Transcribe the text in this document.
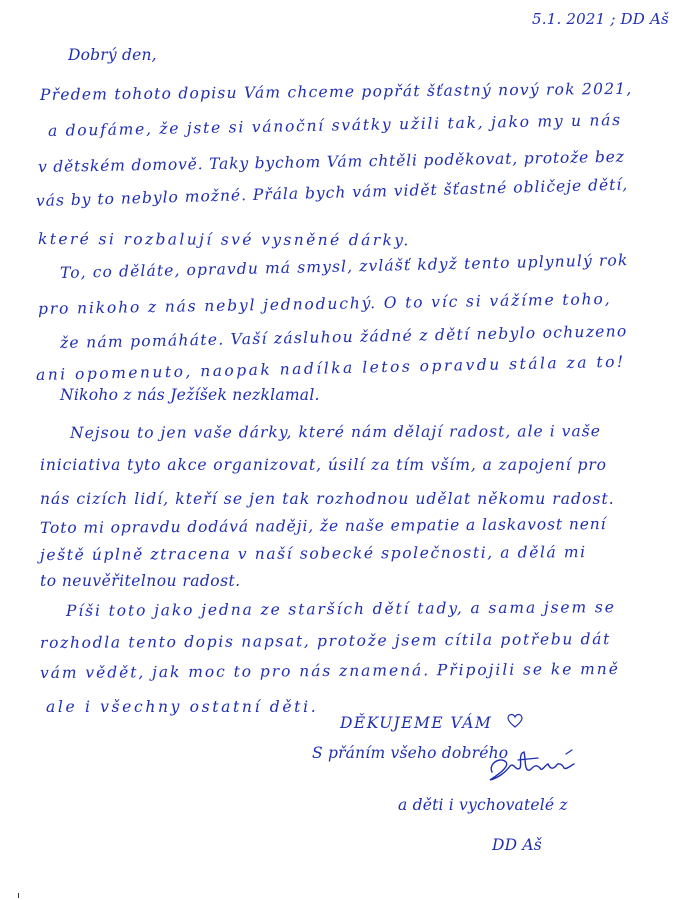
5.1. 2021 ; DD Aš
Dobrý den,
Předem tohoto dopisu Vám chceme popřát šťastný nový rok 2021,
a doufáme, že jste si vánoční svátky užili tak, jako my u nás
v dětském domově. Taky bychom Vám chtěli poděkovat, protože bez
vás by to nebylo možné. Přála bych vám vidět šťastné obličeje dětí,
které si rozbalují své vysněné dárky.
To, co děláte, opravdu má smysl, zvlášť když tento uplynulý rok
pro nikoho z nás nebyl jednoduchý. O to víc si vážíme toho,
že nám pomáháte. Vaší zásluhou žádné z dětí nebylo ochuzeno
ani opomenuto, naopak nadílka letos opravdu stála za to!
Nikoho z nás Ježíšek nezklamal.
Nejsou to jen vaše dárky, které nám dělají radost, ale i vaše
iniciativa tyto akce organizovat, úsilí za tím vším, a zapojení pro
nás cizích lidí, kteří se jen tak rozhodnou udělat někomu radost.
Toto mi opravdu dodává naději, že naše empatie a laskavost není
ještě úplně ztracena v naší sobecké společnosti, a dělá mi
to neuvěřitelnou radost.
Píši toto jako jedna ze starších dětí tady, a sama jsem se
rozhodla tento dopis napsat, protože jsem cítila potřebu dát
vám vědět, jak moc to pro nás znamená. Připojili se ke mně
ale i všechny ostatní děti.
DĚKUJEME VÁM
S přáním všeho dobrého
a děti i vychovatelé z
DD Aš
